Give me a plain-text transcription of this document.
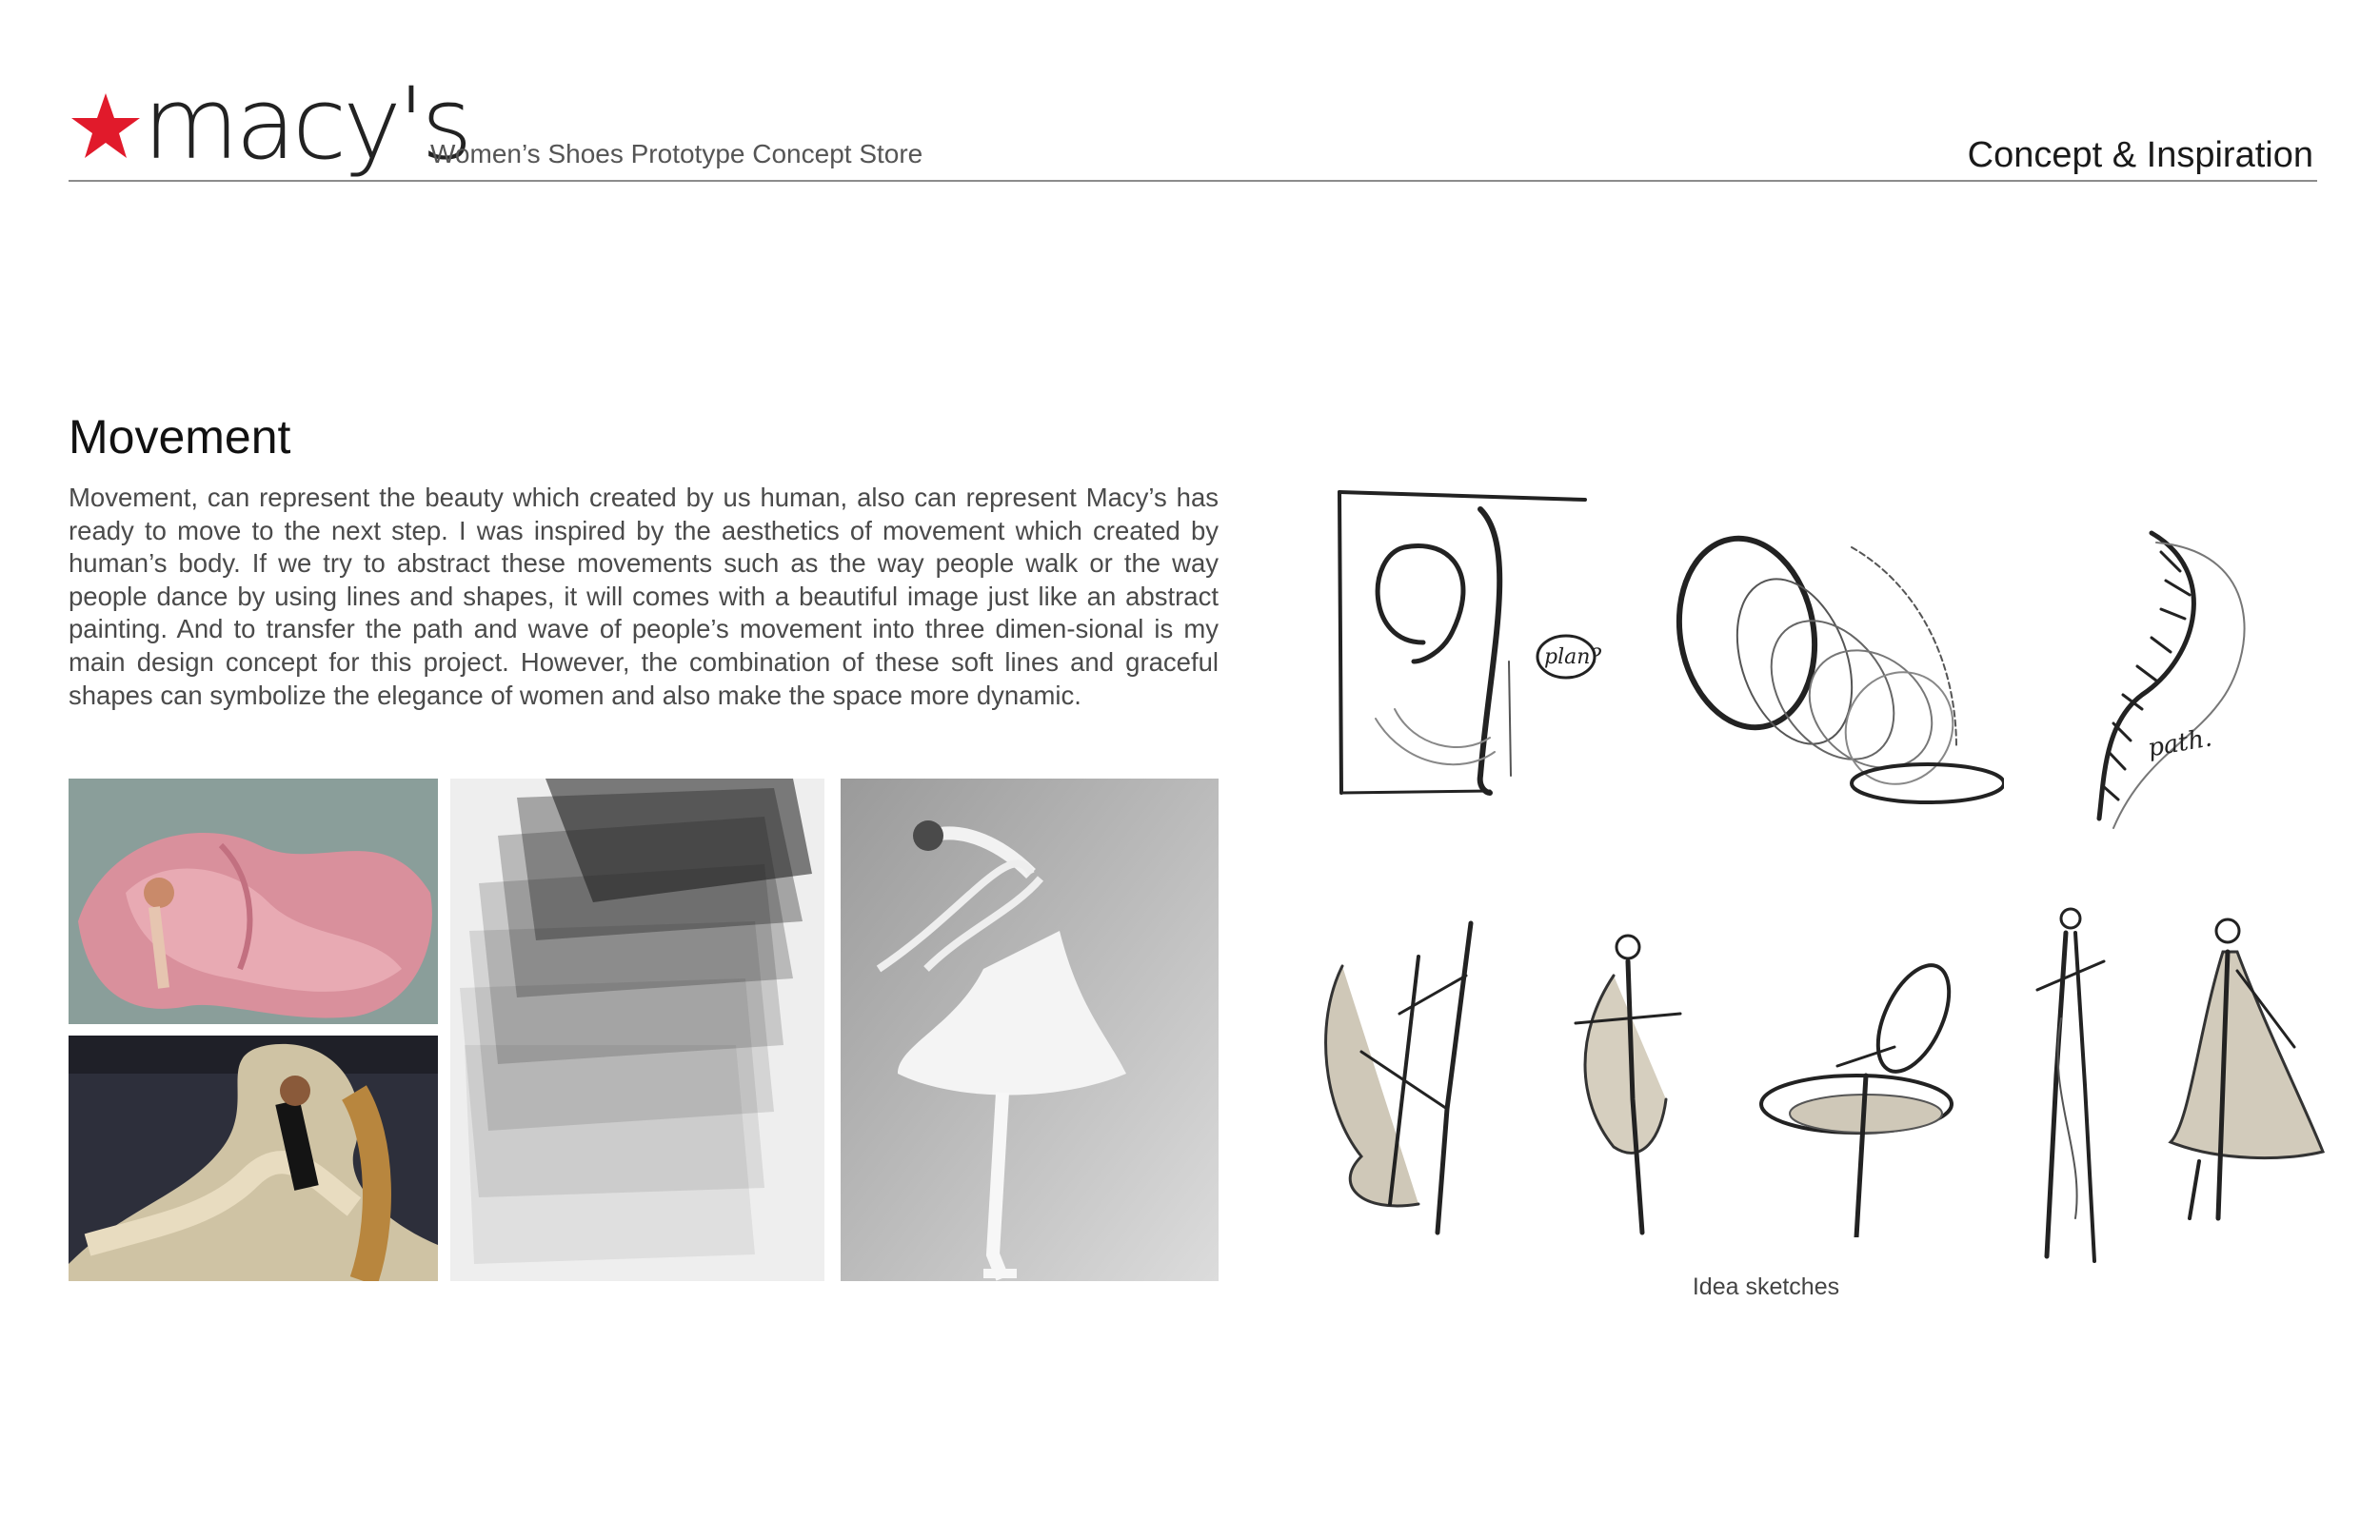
macy's
Women’s Shoes Prototype Concept Store	Concept & Inspiration
Movement
Movement, can represent the beauty which created by us human, also can represent Macy’s has ready to move to the next step. I was inspired by the aesthetics of movement which created by human’s body. If we try to abstract these movements such as the way people walk or the way people dance by using lines and shapes, it will comes with a beautiful image just like an abstract painting. And to transfer the path and wave of people’s movement into three dimen-sional is my main design concept for this project. However, the combination of these soft lines and graceful shapes can symbolize the elegance of women and also make the space more dynamic.
plan?
path.
Idea sketches
